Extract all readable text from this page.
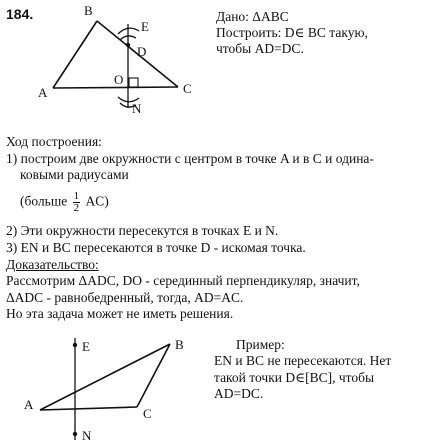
184.
A
B
C
D
E
O
N
Дано: ΔABC
Построить: D∈ BC такую,
чтобы AD=DC.
Ход построения:
1) построим две окружности с центром в точке A и в C и одина-
ковыми радиусами
(больше $\frac{1}{2} AC$)
2) Эти окружности пересекутся в точках E и N.
3) EN и BC пересекаются в точке D - искомая точка.
Доказательство:
Рассмотрим ΔADC, DO - серединный перпендикуляр, значит,
ΔADC - равнобедренный, тогда, AD=AC.
Но эта задача может не иметь решения.
A
B
C
E
N
Пример:
EN и BC не пересекаются. Нет
такой точки D∈[BC], чтобы
AD=DC.
